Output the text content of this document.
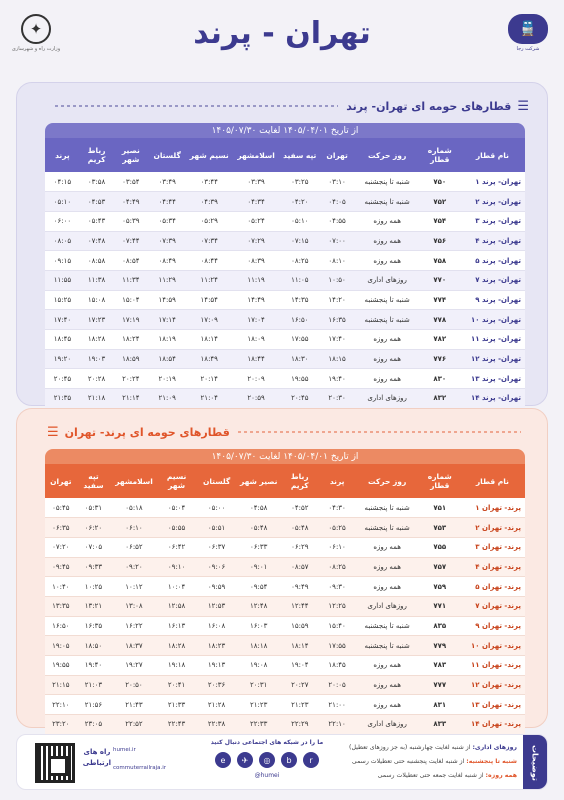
✦
وزارت راه و شهرسازی	تهران - پرند	🚆
شرکت رجا
قطارهای حومه ای تهران- پرند ☰
از تاریخ ۱۴۰۵/۰۴/۰۱ لغایت ۱۴۰۵/۰۷/۳۰
نام قطار	شماره قطار	روز حرکت	تهران	تپه سفید	اسلامشهر	نسیم شهر	گلستان	نصیر شهر	رباط کریم	پرند
تهران- پرند ۱	۷۵۰	شنبه تا پنجشنبه	۰۳:۱۰	۰۳:۲۵	۰۳:۳۹	۰۳:۴۴	۰۳:۴۹	۰۳:۵۴	۰۳:۵۸	۰۴:۱۵
تهران- پرند ۲	۷۵۲	شنبه تا پنجشنبه	۰۴:۰۵	۰۴:۲۰	۰۴:۳۴	۰۴:۳۹	۰۴:۴۴	۰۴:۴۹	۰۴:۵۳	۰۵:۱۰
تهران- پرند ۳	۷۵۴	همه روزه	۰۴:۵۵	۰۵:۱۰	۰۵:۲۴	۰۵:۲۹	۰۵:۳۴	۰۵:۳۹	۰۵:۴۳	۰۶:۰۰
تهران- پرند ۴	۷۵۶	همه روزه	۰۷:۰۰	۰۷:۱۵	۰۷:۲۹	۰۷:۳۴	۰۷:۳۹	۰۷:۴۴	۰۷:۴۸	۰۸:۰۵
تهران- پرند ۵	۷۵۸	همه روزه	۰۸:۱۰	۰۸:۲۵	۰۸:۳۹	۰۸:۴۴	۰۸:۴۹	۰۸:۵۴	۰۸:۵۸	۰۹:۱۵
تهران- پرند ۷	۷۷۰	روزهای اداری	۱۰:۵۰	۱۱:۰۵	۱۱:۱۹	۱۱:۲۴	۱۱:۲۹	۱۱:۳۴	۱۱:۳۸	۱۱:۵۵
تهران- پرند ۹	۷۷۴	شنبه تا پنجشنبه	۱۴:۲۰	۱۴:۳۵	۱۴:۴۹	۱۴:۵۴	۱۴:۵۹	۱۵:۰۴	۱۵:۰۸	۱۵:۲۵
تهران- پرند ۱۰	۷۷۸	شنبه تا پنجشنبه	۱۶:۳۵	۱۶:۵۰	۱۷:۰۴	۱۷:۰۹	۱۷:۱۴	۱۷:۱۹	۱۷:۲۳	۱۷:۴۰
تهران- پرند ۱۱	۷۸۲	همه روزه	۱۷:۴۰	۱۷:۵۵	۱۸:۰۹	۱۸:۱۴	۱۸:۱۹	۱۸:۲۴	۱۸:۲۸	۱۸:۴۵
تهران- پرند ۱۲	۷۷۶	همه روزه	۱۸:۱۵	۱۸:۳۰	۱۸:۴۴	۱۸:۴۹	۱۸:۵۴	۱۸:۵۹	۱۹:۰۳	۱۹:۲۰
تهران- پرند ۱۳	۸۳۰	همه روزه	۱۹:۴۰	۱۹:۵۵	۲۰:۰۹	۲۰:۱۴	۲۰:۱۹	۲۰:۲۴	۲۰:۲۸	۲۰:۴۵
تهران- پرند ۱۴	۸۳۲	روزهای اداری	۲۰:۳۰	۲۰:۴۵	۲۰:۵۹	۲۱:۰۴	۲۱:۰۹	۲۱:۱۴	۲۱:۱۸	۲۱:۳۵
☰ قطارهای حومه ای پرند- تهران
از تاریخ ۱۴۰۵/۰۴/۰۱ لغایت ۱۴۰۵/۰۷/۳۰
نام قطار	شماره قطار	روز حرکت	پرند	رباط کریم	نصیر شهر	گلستان	نسیم شهر	اسلامشهر	تپه سفید	تهران
پرند- تهران ۱	۷۵۱	شنبه تا پنجشنبه	۰۴:۳۰	۰۴:۵۲	۰۴:۵۸	۰۵:۰۰	۰۵:۰۴	۰۵:۱۸	۰۵:۳۱	۰۵:۴۵
پرند- تهران ۲	۷۵۳	شنبه تا پنجشنبه	۰۵:۲۵	۰۵:۴۸	۰۵:۴۸	۰۵:۵۱	۰۵:۵۵	۰۶:۱۰	۰۶:۲۰	۰۶:۳۵
پرند- تهران ۳	۷۵۵	همه روزه	۰۶:۱۰	۰۶:۲۹	۰۶:۳۳	۰۶:۳۷	۰۶:۴۲	۰۶:۵۲	۰۷:۰۵	۰۷:۲۰
پرند- تهران ۴	۷۵۷	همه روزه	۰۸:۲۵	۰۸:۵۷	۰۹:۰۱	۰۹:۰۶	۰۹:۱۰	۰۹:۲۰	۰۹:۳۳	۰۹:۴۵
پرند- تهران ۵	۷۵۹	همه روزه	۰۹:۳۰	۰۹:۴۹	۰۹:۵۴	۰۹:۵۹	۱۰:۰۴	۱۰:۱۲	۱۰:۲۵	۱۰:۴۰
پرند- تهران ۷	۷۷۱	روزهای اداری	۱۲:۲۵	۱۲:۴۴	۱۲:۴۸	۱۲:۵۳	۱۲:۵۸	۱۳:۰۸	۱۳:۲۱	۱۳:۳۵
پرند- تهران ۹	۸۳۵	شنبه تا پنجشنبه	۱۵:۴۰	۱۵:۵۹	۱۶:۰۳	۱۶:۰۸	۱۶:۱۳	۱۶:۲۲	۱۶:۳۵	۱۶:۵۰
پرند- تهران ۱۰	۷۷۹	شنبه تا پنجشنبه	۱۷:۵۵	۱۸:۱۴	۱۸:۱۸	۱۸:۲۳	۱۸:۲۸	۱۸:۳۷	۱۸:۵۰	۱۹:۰۵
پرند- تهران ۱۱	۷۸۳	همه روزه	۱۸:۴۵	۱۹:۰۴	۱۹:۰۸	۱۹:۱۳	۱۹:۱۸	۱۹:۲۷	۱۹:۴۰	۱۹:۵۵
پرند- تهران ۱۲	۷۷۷	همه روزه	۲۰:۰۵	۲۰:۲۷	۲۰:۳۱	۲۰:۳۶	۲۰:۴۱	۲۰:۵۰	۲۱:۰۳	۲۱:۱۵
پرند- تهران ۱۳	۸۳۱	همه روزه	۲۱:۰۰	۲۱:۲۳	۲۱:۲۳	۲۱:۲۸	۲۱:۳۳	۲۱:۴۳	۲۱:۵۶	۲۲:۱۰
پرند- تهران ۱۴	۸۳۳	روزهای اداری	۲۲:۱۰	۲۲:۲۹	۲۲:۳۳	۲۲:۳۸	۲۲:۴۳	۲۲:۵۲	۲۳:۰۵	۲۳:۲۰
توضیحات
روزهای اداری: از شنبه لغایت چهارشنبه (به جز روزهای تعطیل)
شنبه تا پنجشنبه: از شنبه لغایت پنجشنبه حتی تعطیلات رسمی
همه روزه: از شنبه لغایت جمعه حتی تعطیلات رسمی
ما را در شبکه های اجتماعی دنبال کنید
e	✈	◎	b	r
@humei
humei.ir
commuterrailraja.ir
راه های ارتباطی
